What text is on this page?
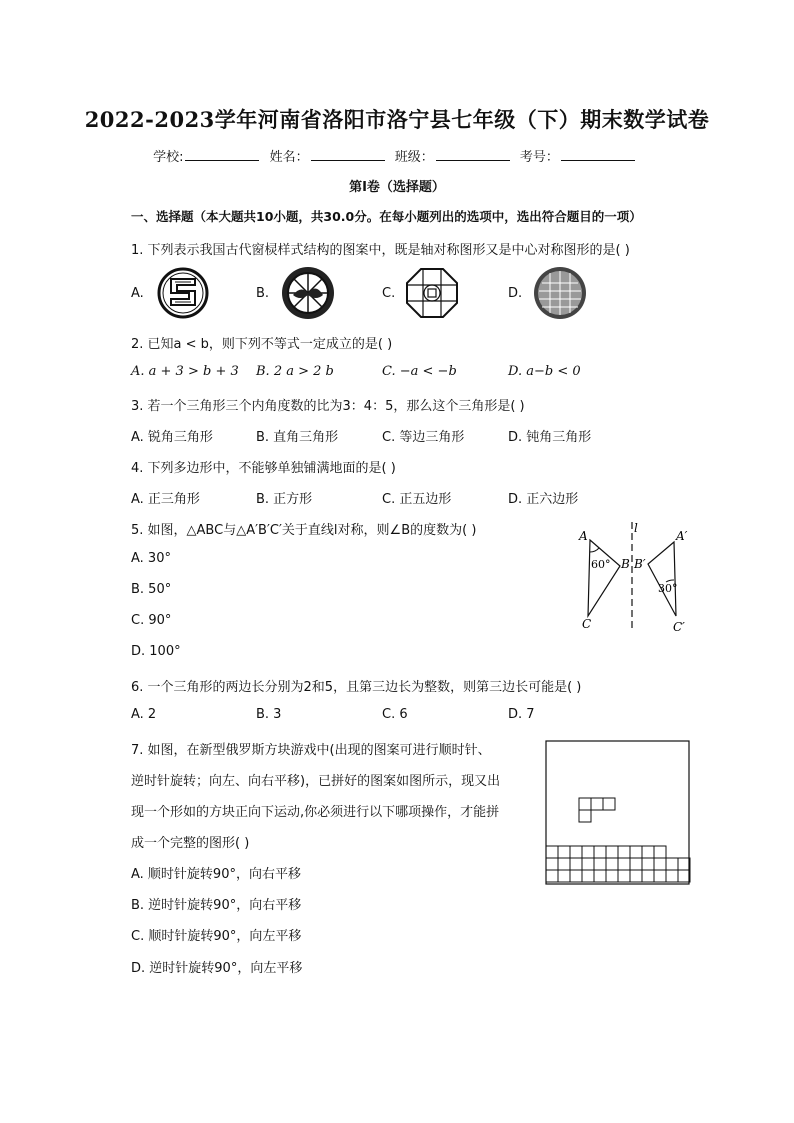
2022-2023学年河南省洛阳市洛宁县七年级（下）期末数学试卷
学校:	姓名：	班级：	考号：
第Ⅰ卷（选择题）
一、选择题（本大题共10小题，共30.0分。在每小题列出的选项中，选出符合题目的一项）
1. 下列表示我国古代窗棂样式结构的图案中，既是轴对称图形又是中心对称图形的是( )
A.	B.	C.	D.
2. 已知a < b，则下列不等式一定成立的是( )
A. a + 3 > b + 3 B. 2 a > 2 b	C. −a < −b	D. a−b < 0
3. 若一个三角形三个内角度数的比为3：4：5，那么这个三角形是( )
A. 锐角三角形	B. 直角三角形	C. 等边三角形	D. 钝角三角形
4. 下列多边形中，不能够单独铺满地面的是( )
A. 正三角形	B. 正方形	C. 正五边形	D. 正六边形
5. 如图，△ABC与△A′B′C′关于直线l对称，则∠B的度数为( )
A. 30°
B. 50°
C. 90°
D. 100°
A
B
C
A′
B′
C′
l
60°
30°
6. 一个三角形的两边长分别为2和5，且第三边长为整数，则第三边长可能是( )
A. 2	B. 3	C. 6	D. 7
7. 如图，在新型俄罗斯方块游戏中(出现的图案可进行顺时针、
逆时针旋转；向左、向右平移)，已拼好的图案如图所示，现又出
现一个形如的方块正向下运动,你必须进行以下哪项操作，才能拼
成一个完整的图形( )
A. 顺时针旋转90°，向右平移
B. 逆时针旋转90°，向右平移
C. 顺时针旋转90°，向左平移
D. 逆时针旋转90°，向左平移
